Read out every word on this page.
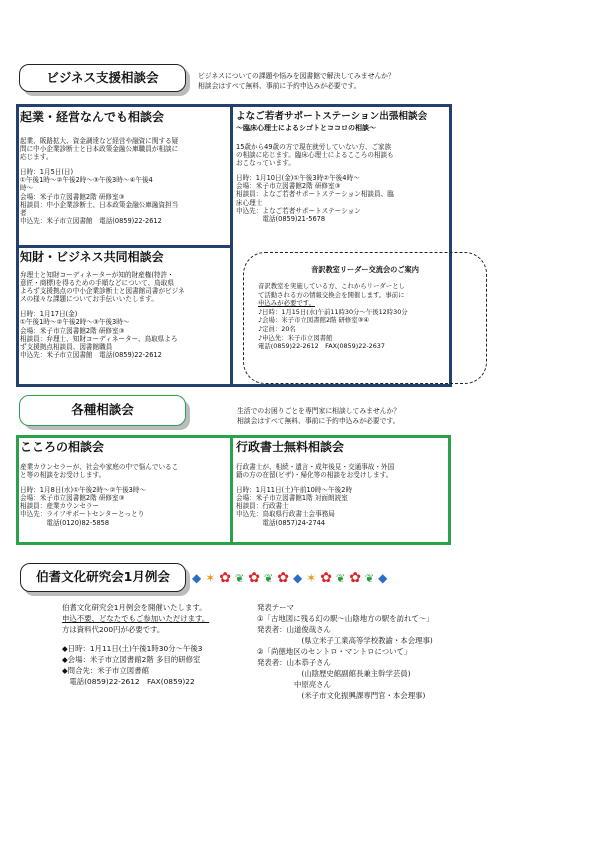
ビジネス支援相談会	ビジネスについての課題や悩みを図書館で解決してみませんか？

相談会はすべて無料、事前に予約申込みが必要です。

起業・経営なんでも相談会

起業、販路拡大、資金調達など経営や融資に関する疑

問に中小企業診断士と日本政策金融公庫職員が相談に

応じます。

日時：1月5日(日)

①午後1時～②午後2時～③午後3時～④午後4

時～

会場：米子市立図書館2階 研修室③

相談員：中小企業診断士、日本政策金融公庫融資担当

者

申込先：米子市立図書館　電話(0859)22-2612

よなご若者サポートステーション出張相談会
～臨床心理士によるシゴトとココロの相談～

15歳から49歳の方で現在就労していない方、ご家族

の相談に応じます。臨床心理士によるこころの相談も

おこなっています。

日時：1月10日(金)①午後3時②午後4時～

会場：米子市立図書館2階 研修室③

相談員：よなご若者サポートステーション相談員、臨

床心理士

申込先：よなご若者サポートステーション

　　　　電話(0859)21-5678

知財・ビジネス共同相談会

弁理士と知財コーディネーターが知的財産権(特許・

意匠・商標)を得るための手順などについて、鳥取県

よろず支援拠点の中小企業診断士と図書館司書がビジネ

スの様々な課題についてお手伝いいたします。

日時：1月17日(金)

①午後1時～②午後2時～③午後3時～

会場：米子市立図書館2階 研修室③

相談員：弁理士、知財コーディネーター、鳥取県よろ

ず支援拠点相談員、図書館職員

申込先：米子市立図書館　電話(0859)22-2612

音訳教室リーダー交流会のご案内

音訳教室を実施している方、これからリーダーとし

て活動される方の情報交換会を開催します。事前に

申込みが必要です。

♪日時：1月15日(水)午前11時30分～午後12時30分

♪会場：米子市立図書館2階 研修室③④

♪定員：20名

♪申込先：米子市立図書館

電話(0859)22-2612　FAX(0859)22-2637

各種相談会	生活でのお困りごとを専門家に相談してみませんか？

相談会はすべて無料、事前に予約申込みが必要です。

こころの相談会

産業カウンセラーが、社会や家庭の中で悩んでいるこ

と等の相談をお受けします。

日時：1月8日(水)①午後2時～②午後3時～

会場：米子市立図書館2階 研修室③

相談員：産業カウンセラー

申込先：ライフサポートセンターとっとり

　　　　電話(0120)82-5858

行政書士無料相談会

行政書士が、相続・遺言・成年後見・交通事故・外国

籍の方の在留(ビザ)・帰化等の相談をお受けします。

日時：1月11日(土)午前10時～午後2時

会場：米子市立図書館1階 対面朗読室

相談員：行政書士

申込先：鳥取県行政書士会事務局

　　　　電話(0857)24-2744

伯耆文化研究会1月例会	◆ ✶ ✿ ❦ ✿ ❦ ✿ ◆ ✶ ✿ ❦ ✿ ❦ ◆

伯耆文化研究会1月例会を開催いたします。

申込不要、どなたでもご参加いただけます。

方は資料代200円が必要です。

◆日時：1月11日(土)午後1時30分～午後3

◆会場：米子市立図書館2階 多目的研修室

◆問合先：米子市立図書館

　電話(0859)22-2612　FAX(0859)22

発表テーマ

①「古地図に残る幻の駅～山陰地方の駅を訪れて～」

発表者：山道俊哉さん

　　　　　　(県立米子工業高等学校教諭・本会理事)

②「尚徳地区のセントロ・マントロについて」

発表者：山本恭子さん

　　　　　　(山陰歴史館副館長兼主幹学芸員)

　　　　　中原亮さん

　　　　　　(米子市文化振興課専門官・本会理事)
